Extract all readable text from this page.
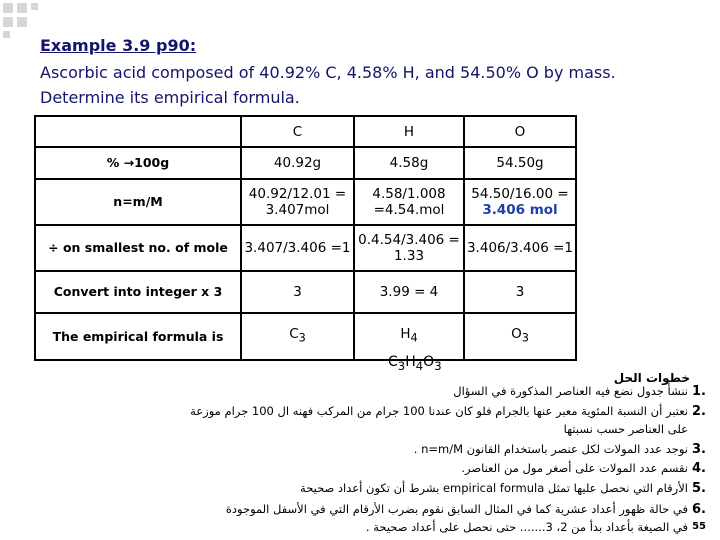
Example 3.9 p90:
Ascorbic acid composed of 40.92% C, 4.58% H, and 54.50% O by mass. Determine its empirical formula.
	C	H	O
% →100g	40.92g	4.58g	54.50g
n=m/M	40.92/12.01 = 3.407mol	4.58/1.008 =4.54.mol	54.50/16.00 = 3.406 mol
÷ on smallest no. of mole	3.407/3.406 =1	0.4.54/3.406 = 1.33	3.406/3.406 =1
Convert into integer x 3	3	3.99 = 4	3
The empirical formula is	$C_3$	$H_4$	$O_3$
$C_3H_4O_3$
خطوات الحل
ننشأ جدول نضع فيه العناصر المذكورة في السؤال 1.
نعتبر أن النسبة المئوية معبر عنها بالجرام فلو كان عندنا 100 جرام من المركب فهنه ال 100 جرام موزعة 2.
على العناصر حسب نسبتها
نوجد عدد المولات لكل عنصر باستخدام القانون n=m/M . 3.
نقسم عدد المولات على أصغر مول من العناصر. 4.
الأرقام التي نحصل عليها تمثل empirical formula بشرط أن تكون أعداد صحيحة 5.
في حالة ظهور أعداد عشرية كما في المثال السابق نقوم بضرب الأرقام التي في الأسفل الموجودة 6.
في الصيغة بأعداد بدأ من 2، 3....... حتى نحصل على أعداد صحيحة . 55
